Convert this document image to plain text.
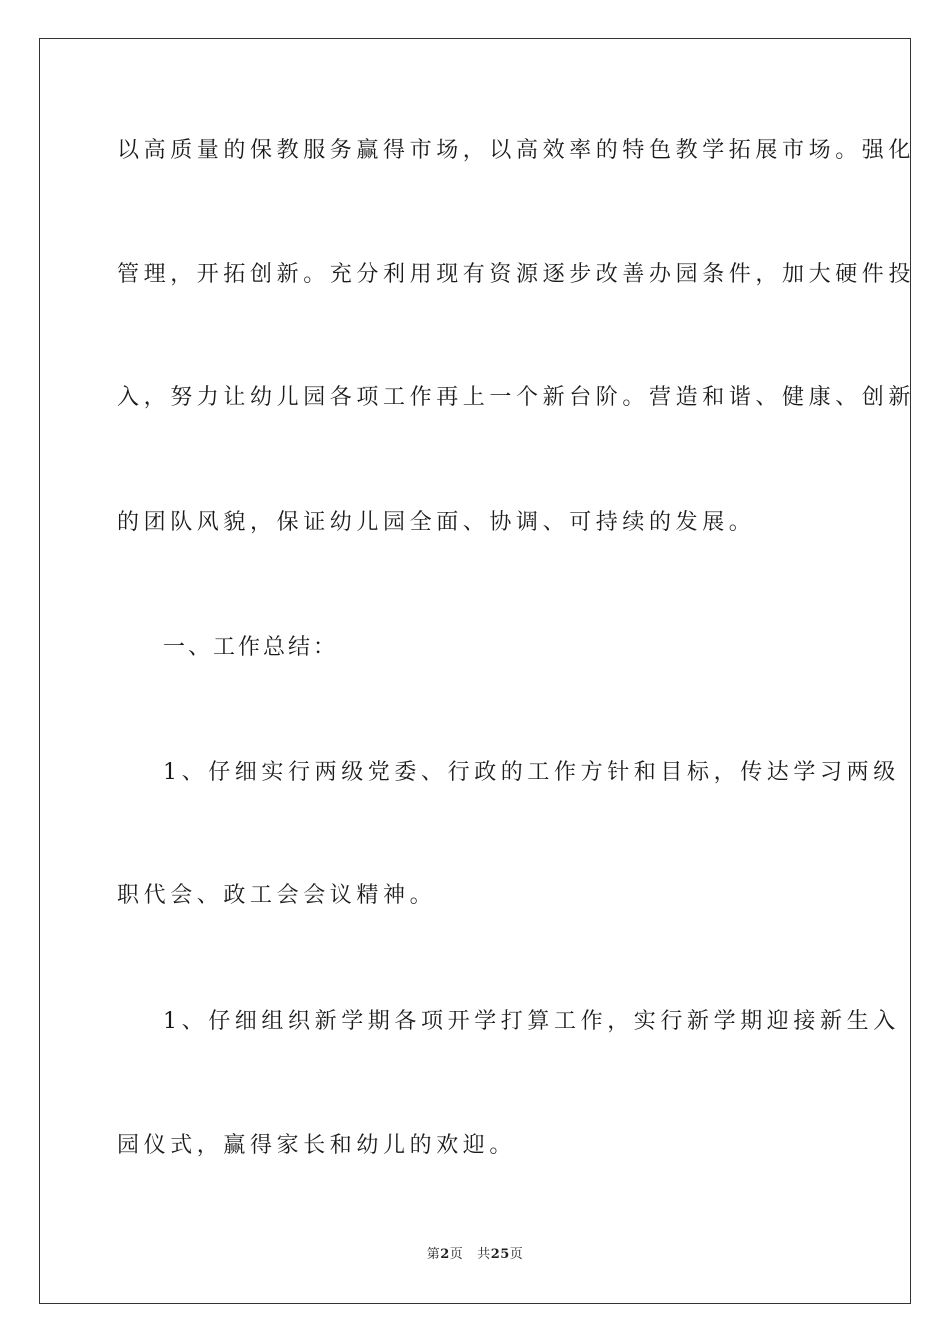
以高质量的保教服务赢得市场，以高效率的特色教学拓展市场。强化
管理，开拓创新。充分利用现有资源逐步改善办园条件，加大硬件投
入，努力让幼儿园各项工作再上一个新台阶。营造和谐、健康、创新
的团队风貌，保证幼儿园全面、协调、可持续的发展。
一、工作总结：
1、仔细实行两级党委、行政的工作方针和目标，传达学习两级
职代会、政工会会议精神。
1、仔细组织新学期各项开学打算工作，实行新学期迎接新生入
园仪式，赢得家长和幼儿的欢迎。
第2页 共25页
